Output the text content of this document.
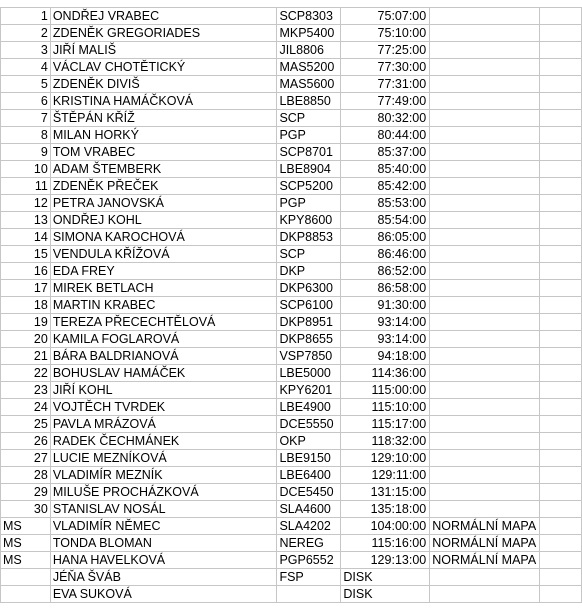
1	ONDŘEJ VRABEC	SCP8303	75:07:00		
2	ZDENĚK GREGORIADES	MKP5400	75:10:00		
3	JIŘÍ MALIŠ	JIL8806	77:25:00		
4	VÁCLAV CHOTĚTICKÝ	MAS5200	77:30:00		
5	ZDENĚK DIVIŠ	MAS5600	77:31:00		
6	KRISTINA HAMÁČKOVÁ	LBE8850	77:49:00		
7	ŠTĚPÁN KŘÍŽ	SCP	80:32:00		
8	MILAN HORKÝ	PGP	80:44:00		
9	TOM VRABEC	SCP8701	85:37:00		
10	ADAM ŠTEMBERK	LBE8904	85:40:00		
11	ZDENĚK PŘEČEK	SCP5200	85:42:00		
12	PETRA JANOVSKÁ	PGP	85:53:00		
13	ONDŘEJ KOHL	KPY8600	85:54:00		
14	SIMONA KAROCHOVÁ	DKP8853	86:05:00		
15	VENDULA KŘÍŽOVÁ	SCP	86:46:00		
16	EDA FREY	DKP	86:52:00		
17	MIREK BETLACH	DKP6300	86:58:00		
18	MARTIN KRABEC	SCP6100	91:30:00		
19	TEREZA PŘECECHTĚLOVÁ	DKP8951	93:14:00		
20	KAMILA FOGLAROVÁ	DKP8655	93:14:00		
21	BÁRA BALDRIANOVÁ	VSP7850	94:18:00		
22	BOHUSLAV HAMÁČEK	LBE5000	114:36:00		
23	JIŘÍ KOHL	KPY6201	115:00:00		
24	VOJTĚCH TVRDEK	LBE4900	115:10:00		
25	PAVLA MRÁZOVÁ	DCE5550	115:17:00		
26	RADEK ČECHMÁNEK	OKP	118:32:00		
27	LUCIE MEZNÍKOVÁ	LBE9150	129:10:00		
28	VLADIMÍR MEZNÍK	LBE6400	129:11:00		
29	MILUŠE PROCHÁZKOVÁ	DCE5450	131:15:00		
30	STANISLAV NOSÁL	SLA4600	135:18:00		
MS	VLADIMÍR NĚMEC	SLA4202	104:00:00	NORMÁLNÍ MAPA	
MS	TONDA BLOMAN	NEREG	115:16:00	NORMÁLNÍ MAPA	
MS	HANA HAVELKOVÁ	PGP6552	129:13:00	NORMÁLNÍ MAPA	
	JÉŇA ŠVÁB	FSP	DISK		
	EVA SUKOVÁ		DISK		
